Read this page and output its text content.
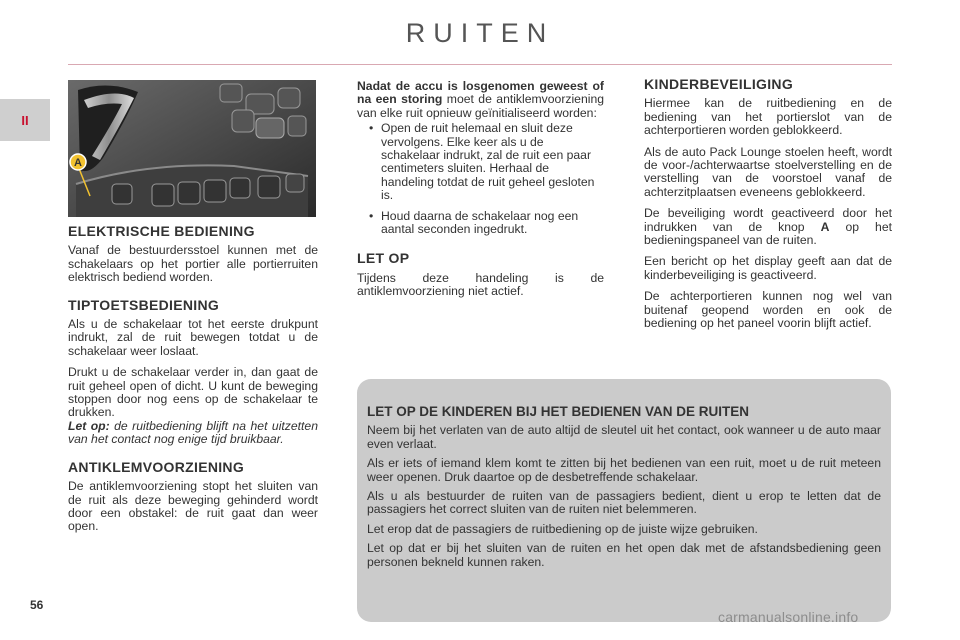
RUITEN
II
56
A
ELEKTRISCHE BEDIENING

Vanaf de bestuurdersstoel kunnen met de schakelaars op het portier alle portierruiten elektrisch bediend worden.

TIPTOETSBEDIENING

Als u de schakelaar tot het eerste drukpunt indrukt, zal de ruit bewegen totdat u de schakelaar weer loslaat.

Drukt u de schakelaar verder in, dan gaat de ruit geheel open of dicht. U kunt de beweging stoppen door nog eens op de schakelaar te drukken.

Let op: de ruitbediening blijft na het uitzetten van het contact nog enige tijd bruikbaar.

ANTIKLEMVOORZIENING

De antiklemvoorziening stopt het sluiten van de ruit als deze beweging gehinderd wordt door een obstakel: de ruit gaat dan weer open.

Nadat de accu is losgenomen geweest of na een storing moet de antiklemvoorziening van elke ruit opnieuw geïnitialiseerd worden:

• Open de ruit helemaal en sluit deze vervolgens. Elke keer als u de schakelaar indrukt, zal de ruit een paar centimeters sluiten. Herhaal de handeling totdat de ruit geheel gesloten is.
• Houd daarna de schakelaar nog een aantal seconden ingedrukt.
LET OP

Tijdens deze handeling is de antiklemvoorziening niet actief.

KINDERBEVEILIGING

Hiermee kan de ruitbediening en de bediening van het portierslot van de achterportieren worden geblokkeerd.

Als de auto Pack Lounge stoelen heeft, wordt de voor-/achterwaartse stoelverstelling en de verstelling van de voorstoel vanaf de achterzitplaatsen eveneens geblokkeerd.

De beveiliging wordt geactiveerd door het indrukken van de knop A op het bedieningspaneel van de ruiten.

Een bericht op het display geeft aan dat de kinderbeveiliging is geactiveerd.

De achterportieren kunnen nog wel van buitenaf geopend worden en ook de bediening op het paneel voorin blijft actief.

LET OP DE KINDEREN BIJ HET BEDIENEN VAN DE RUITEN

Neem bij het verlaten van de auto altijd de sleutel uit het contact, ook wanneer u de auto maar even verlaat.

Als er iets of iemand klem komt te zitten bij het bedienen van een ruit, moet u de ruit meteen weer openen. Druk daartoe op de desbetreffende schakelaar.

Als u als bestuurder de ruiten van de passagiers bedient, dient u erop te letten dat de passagiers het correct sluiten van de ruiten niet belemmeren.

Let erop dat de passagiers de ruitbediening op de juiste wijze gebruiken.

Let op dat er bij het sluiten van de ruiten en het open dak met de afstandsbediening geen personen bekneld kunnen raken.

carmanualsonline.info
